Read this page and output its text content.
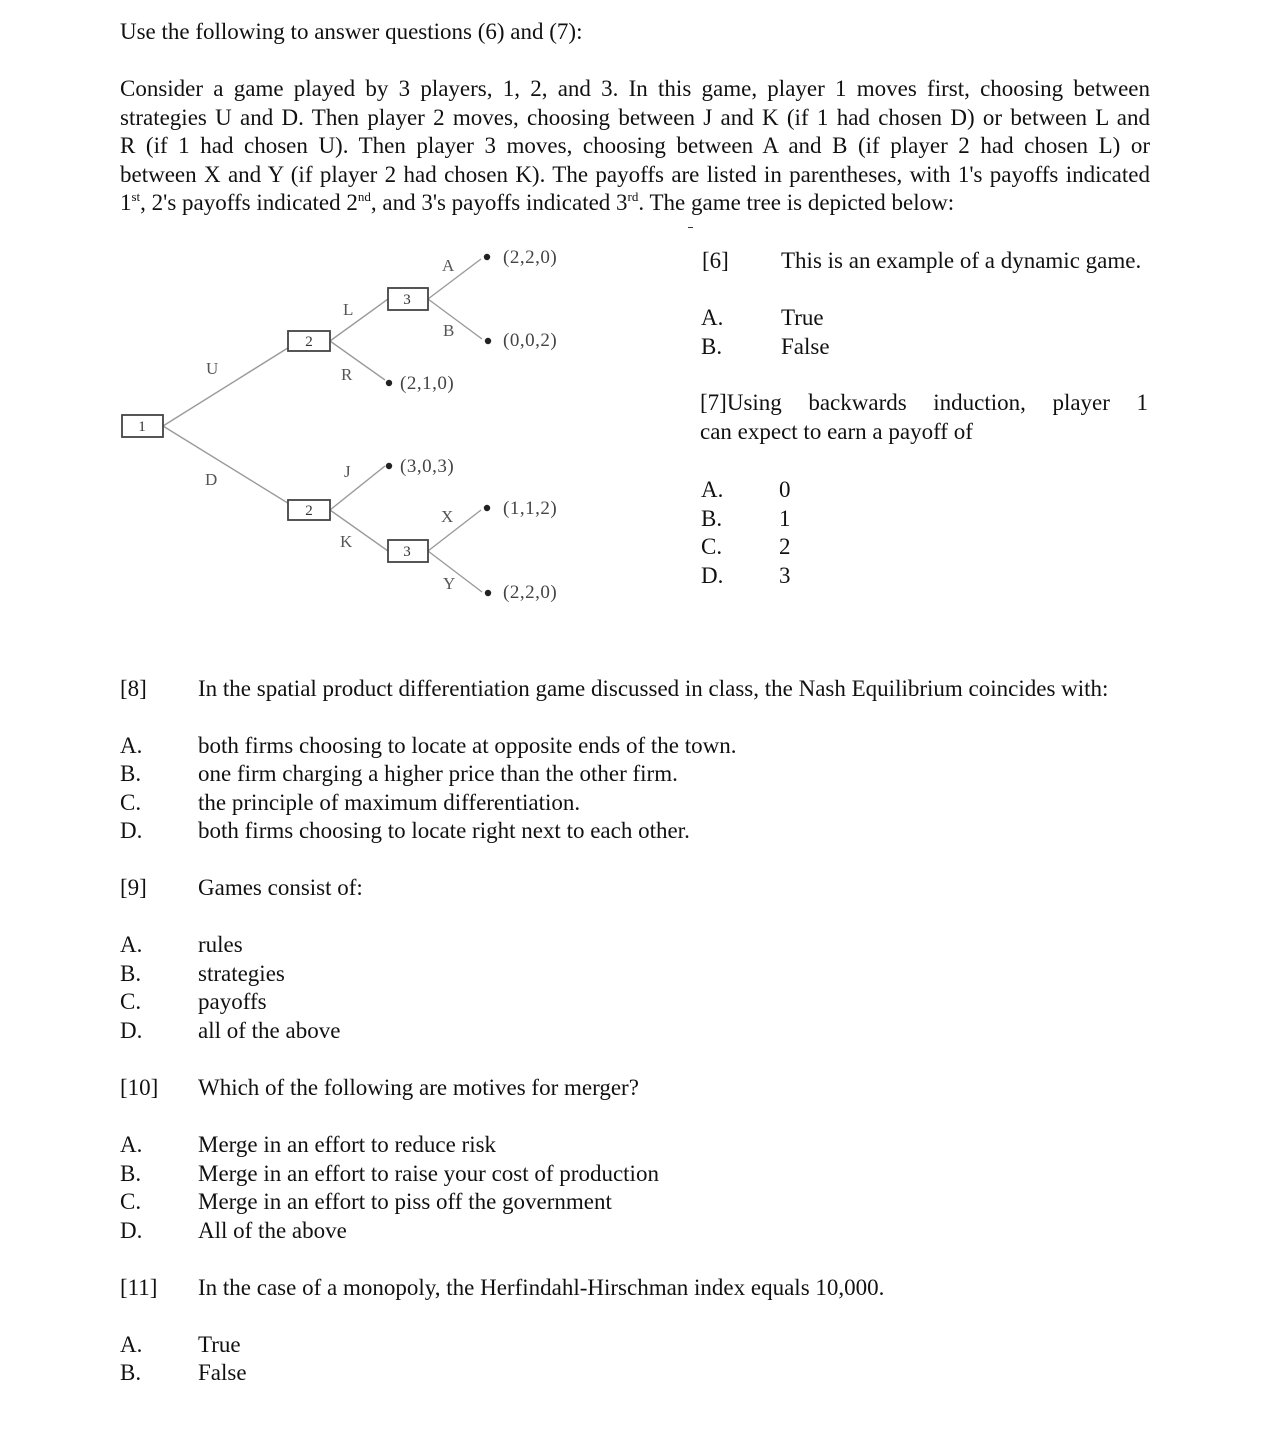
Use the following to answer questions (6) and (7):
Consider a game played by 3 players, 1, 2, and 3. In this game, player 1 moves first, choosing between
strategies U and D. Then player 2 moves, choosing between J and K (if 1 had chosen D) or between L and
R (if 1 had chosen U). Then player 3 moves, choosing between A and B (if player 2 had chosen L) or
between X and Y (if player 2 had chosen K). The payoffs are listed in parentheses, with 1's payoffs indicated
1st, 2's payoffs indicated 2nd, and 3's payoffs indicated 3rd. The game tree is depicted below:
1
2
2
3
3
U
D
L
R
A
B
J
K
X
Y
(2,2,0)
(0,0,2)
(2,1,0)
(3,0,3)
(1,1,2)
(2,2,0)
[6] This is an example of a dynamic game.
A.	True
B.	False
[7]Using backwards induction, player 1
can expect to earn a payoff of
A. 0
B. 1
C. 2
D. 3
[8] In the spatial product differentiation game discussed in class, the Nash Equilibrium coincides with:
A. both firms choosing to locate at opposite ends of the town.
B. one firm charging a higher price than the other firm.
C. the principle of maximum differentiation.
D. both firms choosing to locate right next to each other.
[9] Games consist of:
A. rules
B. strategies
C. payoffs
D. all of the above
[10] Which of the following are motives for merger?
A. Merge in an effort to reduce risk
B. Merge in an effort to raise your cost of production
C. Merge in an effort to piss off the government
D. All of the above
[11] In the case of a monopoly, the Herfindahl-Hirschman index equals 10,000.
A. True
B. False
